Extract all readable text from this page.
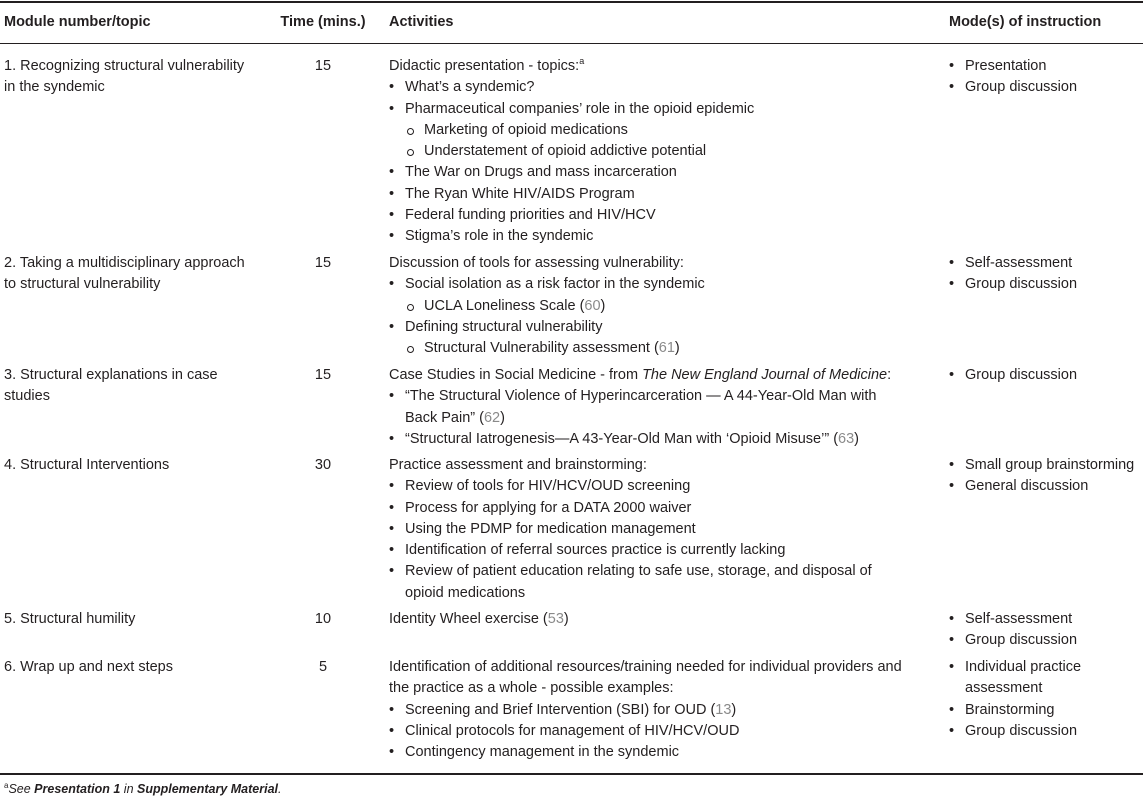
Module number/topic	Time (mins.) Activities	Mode(s) of instruction
1. Recognizing structural vulnerability
in the syndemic
15	Didactic presentation - topics:$^a$
• What’s a syndemic?
• Pharmaceutical companies’ role in the opioid epidemic
Marketing of opioid medications
Understatement of opioid addictive potential
• The War on Drugs and mass incarceration
• The Ryan White HIV/AIDS Program
• Federal funding priorities and HIV/HCV
• Stigma’s role in the syndemic
• Presentation
• Group discussion
2. Taking a multidisciplinary approach
to structural vulnerability
15	Discussion of tools for assessing vulnerability:
• Social isolation as a risk factor in the syndemic
UCLA Loneliness Scale (60)
• Defining structural vulnerability
Structural Vulnerability assessment (61)
• Self-assessment
• Group discussion
3. Structural explanations in case
studies
15	Case Studies in Social Medicine - from The New England Journal of Medicine:
• “The Structural Violence of Hyperincarceration — A 44-Year-Old Man with
Back Pain” (62)
• “Structural Iatrogenesis—A 43-Year-Old Man with ‘Opioid Misuse’” (63)
• Group discussion
4. Structural Interventions	30	Practice assessment and brainstorming:
• Review of tools for HIV/HCV/OUD screening
• Process for applying for a DATA 2000 waiver
• Using the PDMP for medication management
• Identification of referral sources practice is currently lacking
• Review of patient education relating to safe use, storage, and disposal of
opioid medications
• Small group brainstorming
• General discussion
5. Structural humility	10	Identity Wheel exercise (53)
•	Self-assessment
• Group discussion
6. Wrap up and next steps	5	Identification of additional resources/training needed for individual providers and
the practice as a whole - possible examples:
• Screening and Brief Intervention (SBI) for OUD (13)
• Clinical protocols for management of HIV/HCV/OUD
• Contingency management in the syndemic
• Individual practice
assessment
• Brainstorming
• Group discussion
$^a$See Presentation 1 in Supplementary Material.
